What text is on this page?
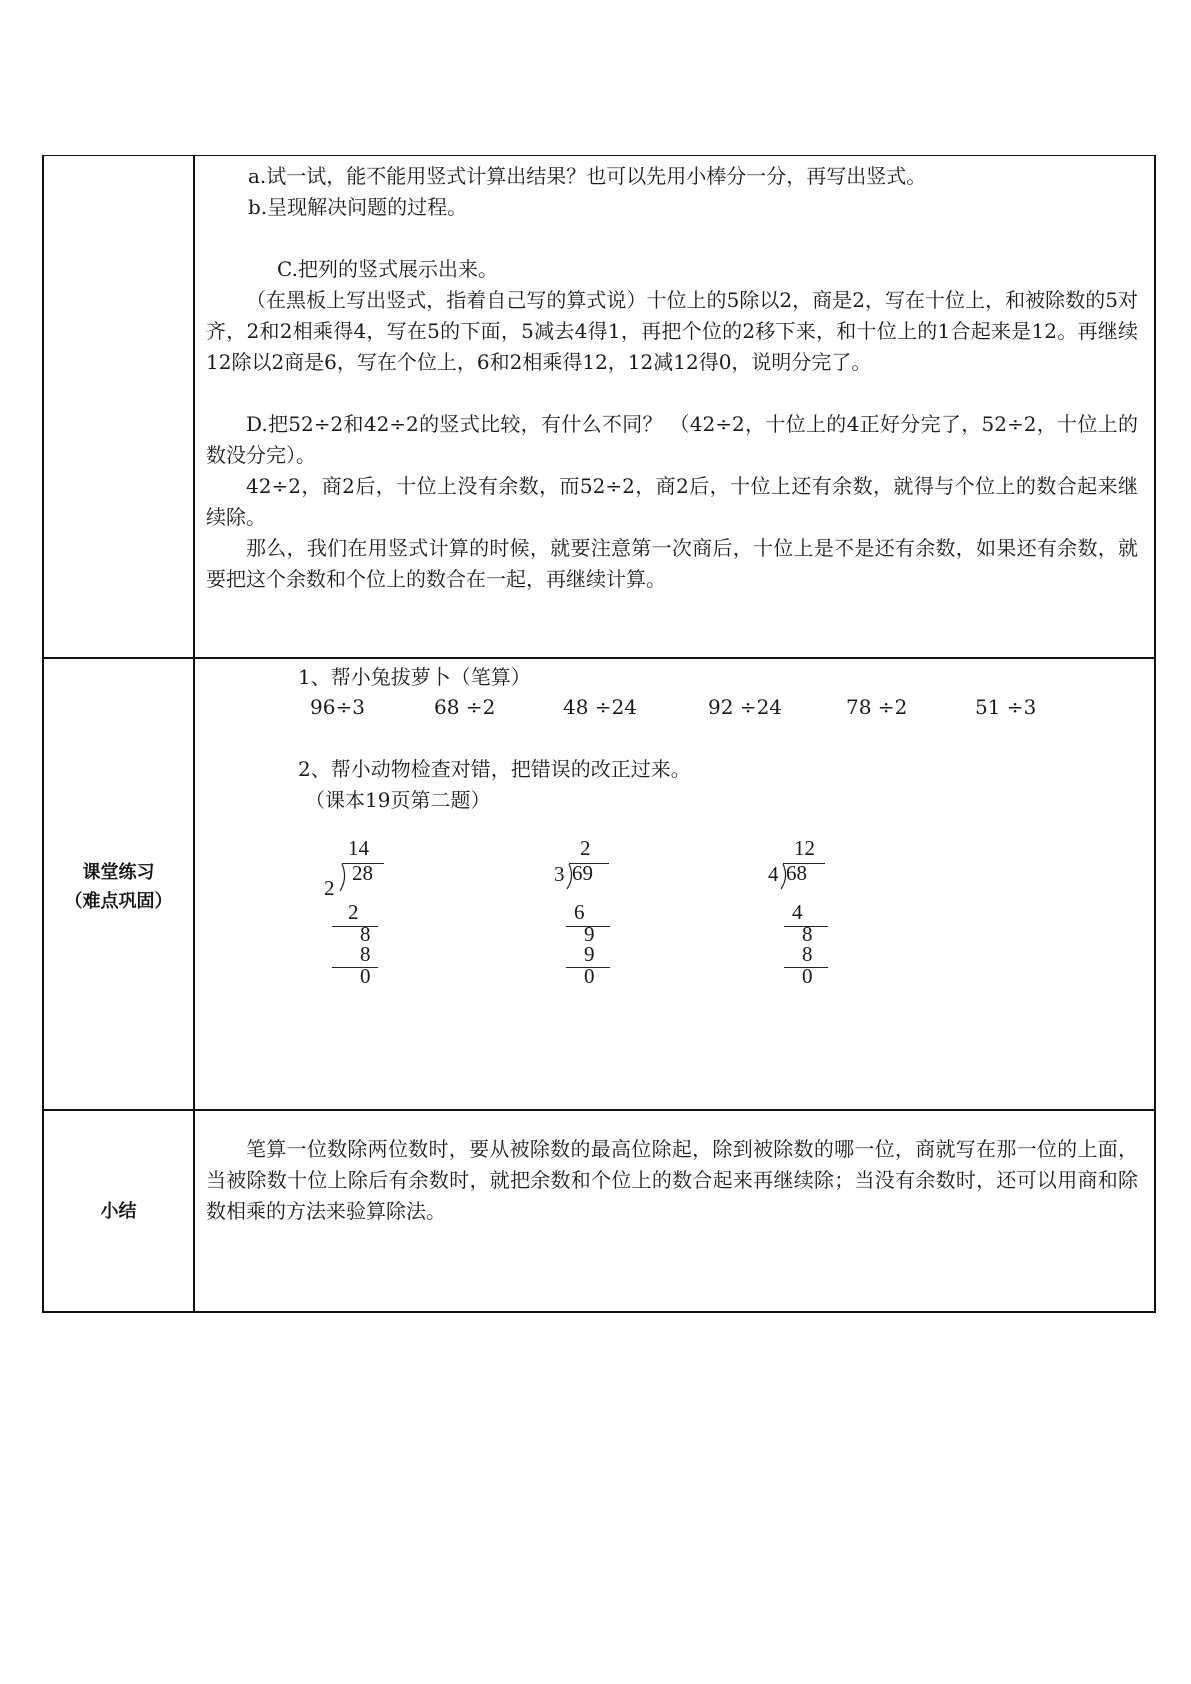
a.试一试，能不能用竖式计算出结果？也可以先用小棒分一分，再写出竖式。
b.呈现解决问题的过程。
C.把列的竖式展示出来。
（在黑板上写出竖式，指着自己写的算式说）十位上的5除以2，商是2，写在十位上，和被除数的5对齐，2和2相乘得4，写在5的下面，5减去4得1，再把个位的2移下来，和十位上的1合起来是12。再继续12除以2商是6，写在个位上，6和2相乘得12，12减12得0，说明分完了。
D.把52÷2和42÷2的竖式比较，有什么不同？ （42÷2，十位上的4正好分完了，52÷2，十位上的数没分完）。
42÷2，商2后，十位上没有余数，而52÷2，商2后，十位上还有余数，就得与个位上的数合起来继续除。
那么，我们在用竖式计算的时候，就要注意第一次商后，十位上是不是还有余数，如果还有余数，就要把这个余数和个位上的数合在一起，再继续计算。
课堂练习
（难点巩固）
1、帮小兔拔萝卜（笔算）
96÷3	68 ÷2	48 ÷24	92 ÷24	78 ÷2	51 ÷3
2、帮小动物检查对错，把错误的改正过来。
（课本19页第二题）
14
2
28
2
8
8
0
2
3 69
6
9
9
0
12
4 68
4
8
8
0
小结
笔算一位数除两位数时，要从被除数的最高位除起，除到被除数的哪一位，商就写在那一位的上面，当被除数十位上除后有余数时，就把余数和个位上的数合起来再继续除；当没有余数时，还可以用商和除数相乘的方法来验算除法。
